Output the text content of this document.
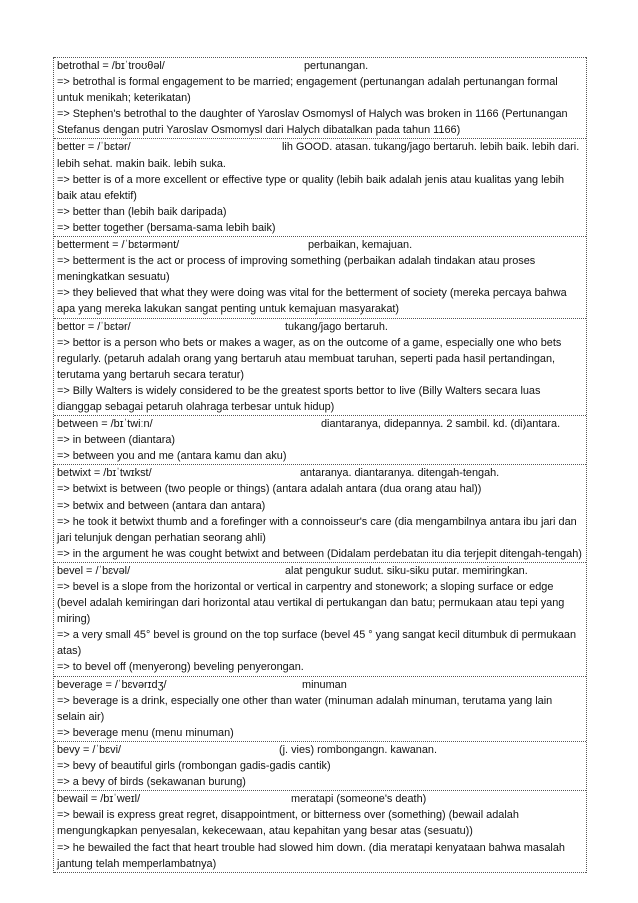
betrothal = /bɪˈtroʊθəl/	pertunangan.
=> betrothal is formal engagement to be married; engagement (pertunangan adalah pertunangan formal untuk menikah; keterikatan)
=> Stephen's betrothal to the daughter of Yaroslav Osmomysl of Halych was broken in 1166 (Pertunangan Stefanus dengan putri Yaroslav Osmomysl dari Halych dibatalkan pada tahun 1166)
better = /ˈbɛtər/	lih GOOD. atasan. tukang/jago bertaruh. lebih baik. lebih dari. lebih sehat. makin baik. lebih suka.
=> better is of a more excellent or effective type or quality (lebih baik adalah jenis atau kualitas yang lebih baik atau efektif)
=> better than (lebih baik daripada)
=> better together (bersama-sama lebih baik)
betterment = /ˈbɛtərmənt/	perbaikan, kemajuan.
=> betterment is the act or process of improving something (perbaikan adalah tindakan atau proses meningkatkan sesuatu)
=> they believed that what they were doing was vital for the betterment of society (mereka percaya bahwa apa yang mereka lakukan sangat penting untuk kemajuan masyarakat)
bettor = /ˈbɛtər/	tukang/jago bertaruh.
=> bettor is a person who bets or makes a wager, as on the outcome of a game, especially one who bets regularly. (petaruh adalah orang yang bertaruh atau membuat taruhan, seperti pada hasil pertandingan, terutama yang bertaruh secara teratur)
=> Billy Walters is widely considered to be the greatest sports bettor to live (Billy Walters secara luas dianggap sebagai petaruh olahraga terbesar untuk hidup)
between = /bɪˈtwiːn/	diantaranya, didepannya. 2 sambil. kd. (di)antara.
=> in between (diantara)
=> between you and me (antara kamu dan aku)
betwixt = /bɪˈtwɪkst/	antaranya. diantaranya. ditengah-tengah.
=> betwixt is between (two people or things) (antara adalah antara (dua orang atau hal))
=> betwix and between (antara dan antara)
=> he took it betwixt thumb and a forefinger with a connoisseur's care (dia mengambilnya antara ibu jari dan jari telunjuk dengan perhatian seorang ahli)
=> in the argument he was cought betwixt and between (Didalam perdebatan itu dia terjepit ditengah-tengah)
bevel = /ˈbɛvəl/	alat pengukur sudut. siku-siku putar. memiringkan.
=> bevel is a slope from the horizontal or vertical in carpentry and stonework; a sloping surface or edge (bevel adalah kemiringan dari horizontal atau vertikal di pertukangan dan batu; permukaan atau tepi yang miring)
=> a very small 45° bevel is ground on the top surface (bevel 45 ° yang sangat kecil ditumbuk di permukaan atas)
=> to bevel off (menyerong) beveling penyerongan.
beverage = /ˈbɛvərɪdʒ/	minuman
=> beverage is a drink, especially one other than water (minuman adalah minuman, terutama yang lain selain air)
=> beverage menu (menu minuman)
bevy = /ˈbɛvi/	(j. vies) rombongangn. kawanan.
=> bevy of beautiful girls (rombongan gadis-gadis cantik)
=> a bevy of birds (sekawanan burung)
bewail = /bɪˈweɪl/	meratapi (someone's death)
=> bewail is express great regret, disappointment, or bitterness over (something) (bewail adalah mengungkapkan penyesalan, kekecewaan, atau kepahitan yang besar atas (sesuatu))
=> he bewailed the fact that heart trouble had slowed him down. (dia meratapi kenyataan bahwa masalah jantung telah memperlambatnya)
